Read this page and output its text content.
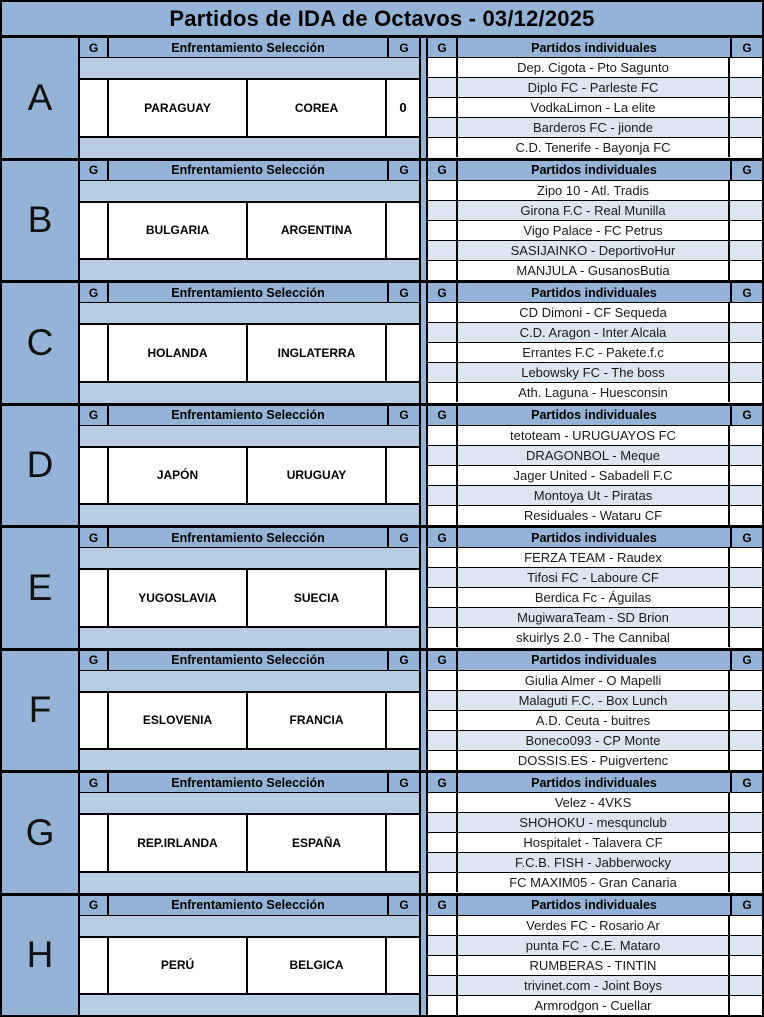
Partidos de IDA de Octavos - 03/12/2025
A
G	Enfrentamiento Selección	G
PARAGUAY	COREA	0
G	Partidos individuales	G
Dep. Cigota - Pto Sagunto
Diplo FC - Parleste FC
VodkaLimon - La elite
Barderos FC - jionde
C.D. Tenerife - Bayonja FC
B
G	Enfrentamiento Selección	G
BULGARIA	ARGENTINA
G	Partidos individuales	G
Zipo 10 - Atl. Tradis
Girona F.C - Real Munilla
Vigo Palace - FC Petrus
SASIJAINKO - DeportivoHur
MANJULA - GusanosButia
C
G	Enfrentamiento Selección	G
HOLANDA	INGLATERRA
G	Partidos individuales	G
CD Dimoni - CF Sequeda
C.D. Aragon - Inter Alcala
Errantes F.C - Pakete.f.c
Lebowsky FC - The boss
Ath. Laguna - Huesconsin
D
G	Enfrentamiento Selección	G
JAPÓN	URUGUAY
G	Partidos individuales	G
tetoteam - URUGUAYOS FC
DRAGONBOL - Meque
Jager United - Sabadell F.C
Montoya Ut - Piratas
Residuales - Wataru CF
E
G	Enfrentamiento Selección	G
YUGOSLAVIA	SUECIA
G	Partidos individuales	G
FERZA TEAM - Raudex
Tifosi FC - Laboure CF
Berdica Fc - Águilas
MugiwaraTeam - SD Brion
skuirlys 2.0 - The Cannibal
F
G	Enfrentamiento Selección	G
ESLOVENIA	FRANCIA
G	Partidos individuales	G
Giulia Almer - O Mapelli
Malaguti F.C. - Box Lunch
A.D. Ceuta - buitres
Boneco093 - CP Monte
DOSSIS.ES - Puigvertenc
G
G	Enfrentamiento Selección	G
REP.IRLANDA	ESPAÑA
G	Partidos individuales	G
Velez - 4VKS
SHOHOKU - mesqunclub
Hospitalet - Talavera CF
F.C.B. FISH - Jabberwocky
FC MAXIM05 - Gran Canaria
H
G	Enfrentamiento Selección	G
PERÚ	BELGICA
G	Partidos individuales	G
Verdes FC - Rosario Ar
punta FC - C.E. Mataro
RUMBERAS - TINTIN
trivinet.com - Joint Boys
Armrodgon - Cuellar
